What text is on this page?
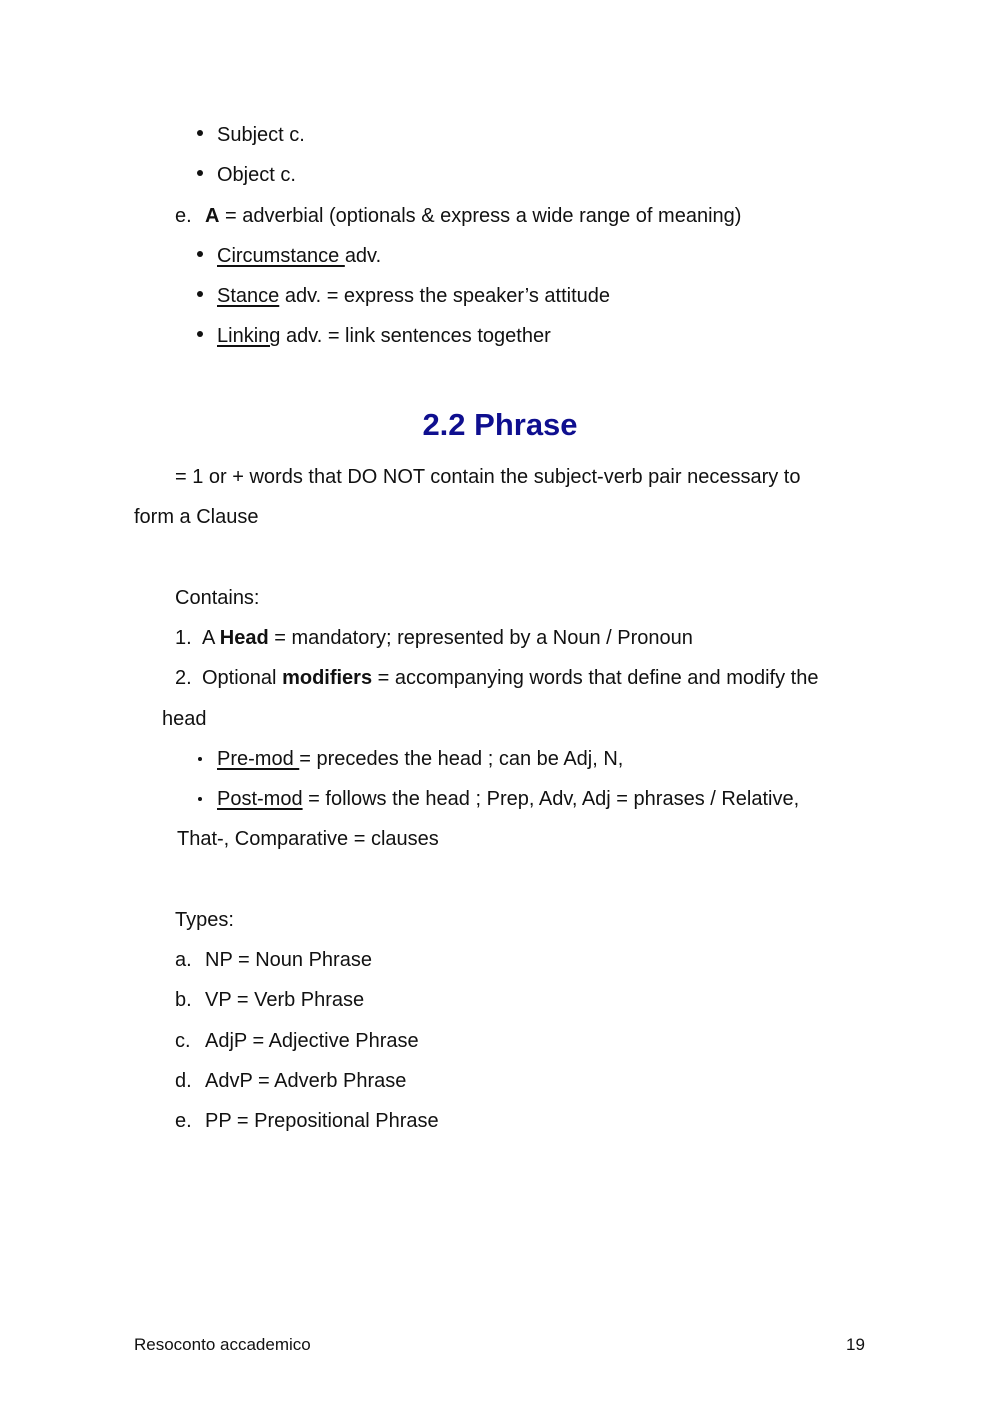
Subject c.
Object c.
e. A = adverbial (optionals & express a wide range of meaning)
Circumstance adv.
Stance adv. = express the speaker’s attitude
Linking adv. = link sentences together
2.2 Phrase
= 1 or + words that DO NOT contain the subject-verb pair necessary to
form a Clause
Contains:
1. A Head = mandatory; represented by a Noun / Pronoun
2. Optional modifiers = accompanying words that define and modify the
head
Pre-mod = precedes the head ; can be Adj, N,
Post-mod = follows the head ; Prep, Adv, Adj = phrases / Relative,
That-, Comparative = clauses
Types:
a. NP = Noun Phrase
b. VP = Verb Phrase
c. AdjP = Adjective Phrase
d. AdvP = Adverb Phrase
e. PP = Prepositional Phrase
Resoconto accademico	19
